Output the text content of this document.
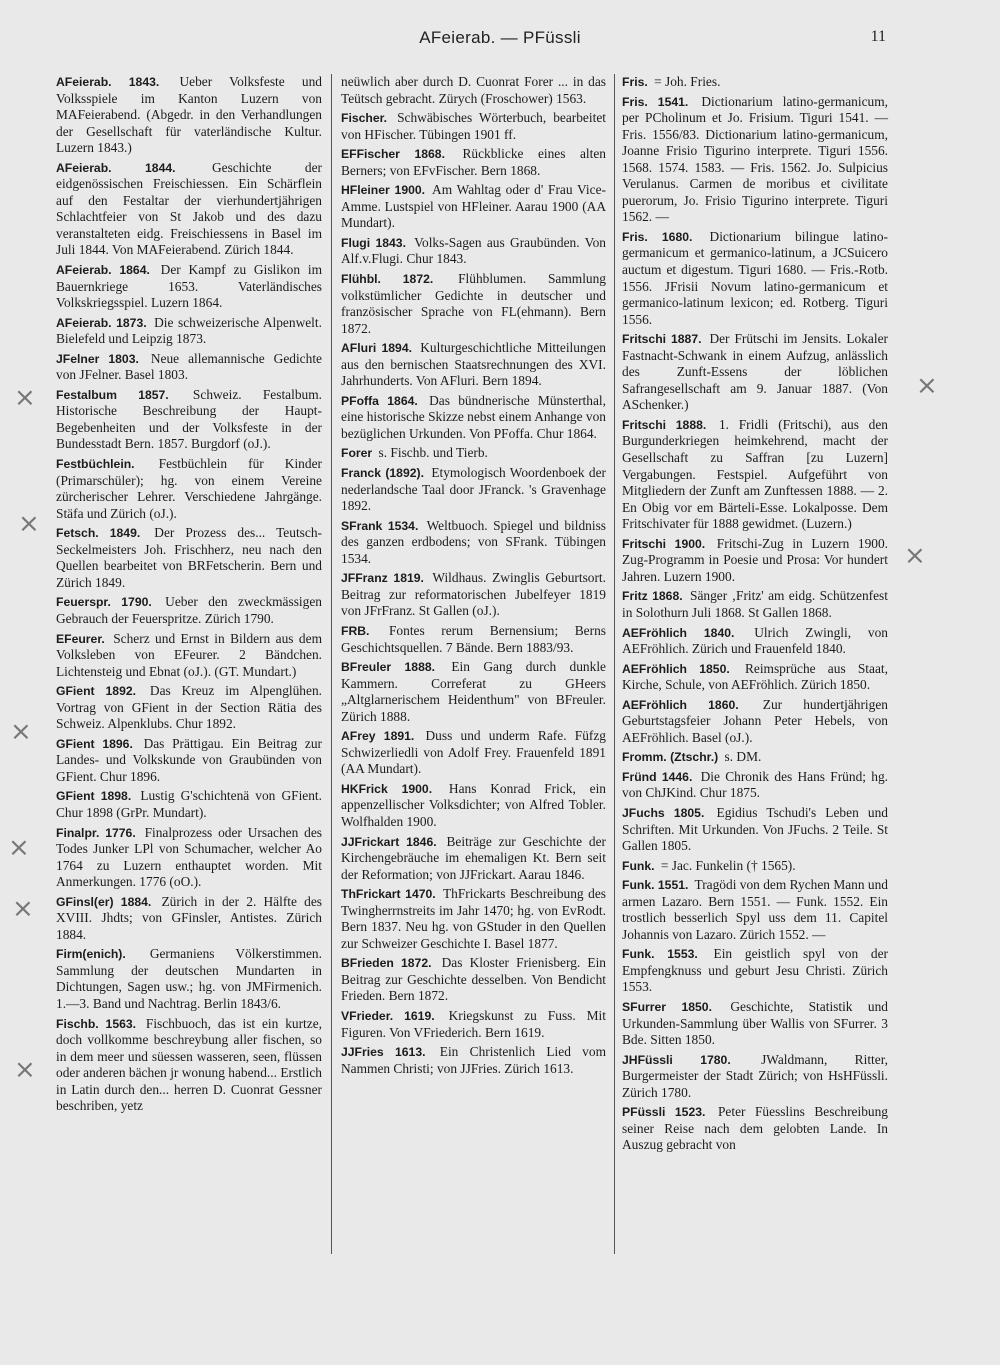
AFeierab. — PFüssli	11
AFeierab. 1843. Ueber Volksfeste und Volksspiele im Kanton Luzern von MAFeierabend. (Abgedr. in den Verhandlungen der Gesellschaft für vaterländische Kultur. Luzern 1843.)
AFeierab. 1844.	Geschichte der eidgenössischen Freischiessen. Ein Schärflein auf den Festaltar der vierhundertjährigen Schlachtfeier von St Jakob und des dazu veranstalteten eidg. Freischiessens in Basel im Juli 1844. Von MAFeierabend. Zürich 1844.
AFeierab. 1864. Der Kampf zu Gislikon im Bauernkriege 1653. Vaterländisches Volkskriegsspiel. Luzern 1864.
AFeierab. 1873. Die schweizerische Alpenwelt. Bielefeld und Leipzig 1873.
JFelner 1803. Neue allemannische Gedichte von JFelner. Basel 1803.
Festalbum 1857. Schweiz. Festalbum. Historische Beschreibung der Haupt-Begebenheiten und der Volksfeste in der Bundesstadt Bern. 1857. Burgdorf (oJ.).
Festbüchlein. Festbüchlein für Kinder (Primarschüler); hg. von einem Vereine zürcherischer Lehrer. Verschiedene Jahrgänge. Stäfa und Zürich (oJ.).
Fetsch. 1849. Der Prozess des... Teutsch-Seckelmeisters Joh. Frischherz, neu nach den Quellen bearbeitet von BRFetscherin. Bern und Zürich 1849.
Feuerspr. 1790. Ueber den zweckmässigen Gebrauch der Feuerspritze. Zürich 1790.
EFeurer. Scherz und Ernst in Bildern aus dem Volksleben von EFeurer. 2 Bändchen. Lichtensteig und Ebnat (oJ.). (GT. Mundart.)
GFient 1892. Das Kreuz im Alpenglühen. Vortrag von GFient in der Section Rätia des Schweiz. Alpenklubs. Chur 1892.
GFient 1896. Das Prättigau. Ein Beitrag zur Landes- und Volkskunde von Graubünden von GFient. Chur 1896.
GFient 1898. Lustig G'schichtenä von GFient. Chur 1898 (GrPr. Mundart).
Finalpr. 1776. Finalprozess oder Ursachen des Todes Junker LPl von Schumacher, welcher Ao 1764 zu Luzern enthauptet worden. Mit Anmerkungen. 1776 (oO.).
GFinsl(er) 1884. Zürich in der 2. Hälfte des XVIII. Jhdts; von GFinsler, Antistes. Zürich 1884.
Firm(enich). Germaniens Völkerstimmen. Sammlung der deutschen Mundarten in Dichtungen, Sagen usw.; hg. von JMFirmenich. 1.—3. Band und Nachtrag. Berlin 1843/6.
Fischb. 1563. Fischbuoch, das ist ein kurtze, doch vollkomme beschreybung aller fischen, so in dem meer und süessen wasseren, seen, flüssen oder anderen bächen jr wonung habend... Erstlich in Latin durch den... herren D. Cuonrat Gessner beschriben, yetz
neüwlich aber durch D. Cuonrat Forer ... in das Teütsch gebracht. Zürych (Froschower) 1563.
Fischer. Schwäbisches Wörterbuch, bearbeitet von HFischer. Tübingen 1901 ff.
EFFischer 1868. Rückblicke eines alten Berners; von EFvFischer. Bern 1868.
HFleiner 1900. Am Wahltag oder d' Frau Vice-Amme. Lustspiel von HFleiner. Aarau 1900 (AA Mundart).
Flugi 1843. Volks-Sagen aus Graubünden. Von Alf.v.Flugi. Chur 1843.
Flühbl. 1872. Flühblumen. Sammlung volkstümlicher Gedichte in deutscher und französischer Sprache von FL(ehmann). Bern 1872.
AFluri 1894. Kulturgeschichtliche Mitteilungen aus den bernischen Staatsrechnungen des XVI. Jahrhunderts. Von AFluri. Bern 1894.
PFoffa 1864. Das bündnerische Münsterthal, eine historische Skizze nebst einem Anhange von bezüglichen Urkunden. Von PFoffa. Chur 1864.
Forer s. Fischb. und Tierb.
Franck (1892). Etymologisch Woordenboek der nederlandsche Taal door JFranck. 's Gravenhage 1892.
SFrank 1534. Weltbuoch. Spiegel und bildniss des ganzen erdbodens; von SFrank. Tübingen 1534.
JFFranz 1819. Wildhaus. Zwinglis Geburtsort. Beitrag zur reformatorischen Jubelfeyer 1819 von JFrFranz. St Gallen (oJ.).
FRB. Fontes rerum Bernensium; Berns Geschichtsquellen. 7 Bände. Bern 1883/93.
BFreuler 1888. Ein Gang durch dunkle Kammern. Correferat zu GHeers „Altglarnerischem Heidenthum" von BFreuler. Zürich 1888.
AFrey 1891. Duss und underm Rafe. Füfzg Schwizerliedli von Adolf Frey. Frauenfeld 1891 (AA Mundart).
HKFrick 1900. Hans Konrad Frick, ein appenzellischer Volksdichter; von Alfred Tobler. Wolfhalden 1900.
JJFrickart 1846. Beiträge zur Geschichte der Kirchengebräuche im ehemaligen Kt. Bern seit der Reformation; von JJFrickart. Aarau 1846.
ThFrickart 1470. ThFrickarts Beschreibung des Twingherrnstreits im Jahr 1470; hg. von EvRodt. Bern 1837. Neu hg. von GStuder in den Quellen zur Schweizer Geschichte I. Basel 1877.
BFrieden 1872. Das Kloster Frienisberg. Ein Beitrag zur Geschichte desselben. Von Bendicht Frieden. Bern 1872.
VFrieder. 1619. Kriegskunst zu Fuss. Mit Figuren. Von VFriederich. Bern 1619.
JJFries 1613. Ein Christenlich Lied vom Nammen Christi; von JJFries. Zürich 1613.
Fris. = Joh. Fries.
Fris. 1541. Dictionarium latino-germanicum, per PCholinum et Jo. Frisium. Tiguri 1541. — Fris. 1556/83. Dictionarium latino-germanicum, Joanne Frisio Tigurino interprete. Tiguri 1556. 1568. 1574. 1583. — Fris. 1562. Jo. Sulpicius Verulanus. Carmen de moribus et civilitate puerorum, Jo. Frisio Tigurino interprete. Tiguri 1562. —
Fris. 1680. Dictionarium bilingue latino-germanicum et germanico-latinum, a JCSuicero auctum et digestum. Tiguri 1680. — Fris.-Rotb. 1556. JFrisii Novum latino-germanicum et germanico-latinum lexicon; ed. Rotberg. Tiguri 1556.
Fritschi 1887. Der Frütschi im Jensits. Lokaler Fastnacht-Schwank in einem Aufzug, anlässlich des Zunft-Essens der löblichen Safrangesellschaft am 9. Januar 1887. (Von ASchenker.)
Fritschi 1888. 1. Fridli (Fritschi), aus den Burgunderkriegen heimkehrend, macht der Gesellschaft zu Saffran [zu Luzern] Vergabungen. Festspiel. Aufgeführt von Mitgliedern der Zunft am Zunftessen 1888. — 2. En Obig vor em Bärteli-Esse. Lokalposse. Dem Fritschivater für 1888 gewidmet. (Luzern.)
Fritschi 1900. Fritschi-Zug in Luzern 1900. Zug-Programm in Poesie und Prosa: Vor hundert Jahren. Luzern 1900.
Fritz 1868. Sänger ‚Fritz' am eidg. Schützenfest in Solothurn Juli 1868. St Gallen 1868.
AEFröhlich 1840. Ulrich Zwingli, von AEFröhlich. Zürich und Frauenfeld 1840.
AEFröhlich 1850. Reimsprüche aus Staat, Kirche, Schule, von AEFröhlich. Zürich 1850.
AEFröhlich 1860. Zur hundertjährigen Geburtstagsfeier Johann Peter Hebels, von AEFröhlich. Basel (oJ.).
Fromm. (Ztschr.) s. DM.
Fründ 1446. Die Chronik des Hans Fründ; hg. von ChJKind. Chur 1875.
JFuchs 1805. Egidius Tschudi's Leben und Schriften. Mit Urkunden. Von JFuchs. 2 Teile. St Gallen 1805.
Funk. = Jac. Funkelin († 1565).
Funk. 1551. Tragödi von dem Rychen Mann und armen Lazaro. Bern 1551. — Funk. 1552. Ein trostlich besserlich Spyl uss dem 11. Capitel Johannis von Lazaro. Zürich 1552. —
Funk. 1553. Ein geistlich spyl von der Empfengknuss und geburt Jesu Christi. Zürich 1553.
SFurrer 1850. Geschichte, Statistik und Urkunden-Sammlung über Wallis von SFurrer. 3 Bde. Sitten 1850.
JHFüssli 1780. JWaldmann, Ritter, Burgermeister der Stadt Zürich; von HsHFüssli. Zürich 1780.
PFüssli 1523. Peter Füesslins Beschreibung seiner Reise nach dem gelobten Lande. In Auszug gebracht von
⨯
⨯
⨯
⨯
⨯
⨯
⨯
⨯
